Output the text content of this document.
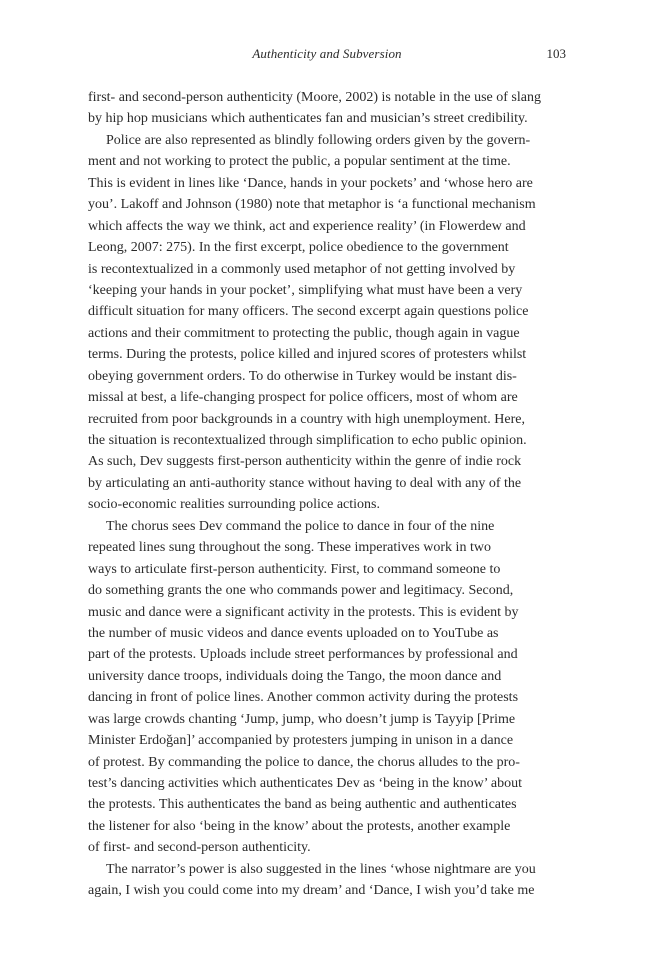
Authenticity and Subversion	103
first- and second-person authenticity (Moore, 2002) is notable in the use of slang
by hip hop musicians which authenticates fan and musician’s street credibility.
Police are also represented as blindly following orders given by the govern-
ment and not working to protect the public, a popular sentiment at the time.
This is evident in lines like ‘Dance, hands in your pockets’ and ‘whose hero are
you’. Lakoff and Johnson (1980) note that metaphor is ‘a functional mechanism
which affects the way we think, act and experience reality’ (in Flowerdew and
Leong, 2007: 275). In the first excerpt, police obedience to the government
is recontextualized in a commonly used metaphor of not getting involved by
‘keeping your hands in your pocket’, simplifying what must have been a very
difficult situation for many officers. The second excerpt again questions police
actions and their commitment to protecting the public, though again in vague
terms. During the protests, police killed and injured scores of protesters whilst
obeying government orders. To do otherwise in Turkey would be instant dis-
missal at best, a life-changing prospect for police officers, most of whom are
recruited from poor backgrounds in a country with high unemployment. Here,
the situation is recontextualized through simplification to echo public opinion.
As such, Dev suggests first-person authenticity within the genre of indie rock
by articulating an anti-authority stance without having to deal with any of the
socio-economic realities surrounding police actions.
The chorus sees Dev command the police to dance in four of the nine
repeated lines sung throughout the song. These imperatives work in two
ways to articulate first-person authenticity. First, to command someone to
do something grants the one who commands power and legitimacy. Second,
music and dance were a significant activity in the protests. This is evident by
the number of music videos and dance events uploaded on to YouTube as
part of the protests. Uploads include street performances by professional and
university dance troops, individuals doing the Tango, the moon dance and
dancing in front of police lines. Another common activity during the protests
was large crowds chanting ‘Jump, jump, who doesn’t jump is Tayyip [Prime
Minister Erdoğan]’ accompanied by protesters jumping in unison in a dance
of protest. By commanding the police to dance, the chorus alludes to the pro-
test’s dancing activities which authenticates Dev as ‘being in the know’ about
the protests. This authenticates the band as being authentic and authenticates
the listener for also ‘being in the know’ about the protests, another example
of first- and second-person authenticity.
The narrator’s power is also suggested in the lines ‘whose nightmare are you
again, I wish you could come into my dream’ and ‘Dance, I wish you’d take me
